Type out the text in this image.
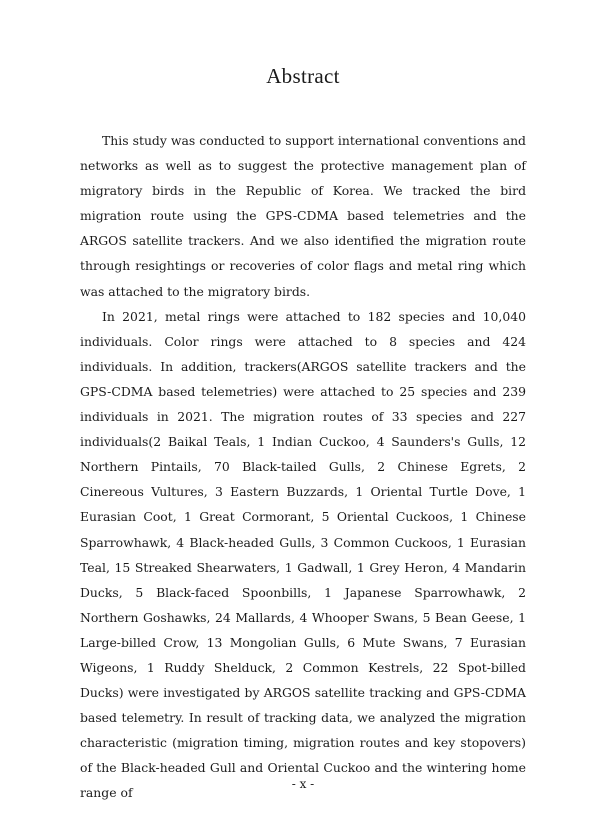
Abstract

This study was conducted to support international conventions and networks as well as to suggest the protective management plan of migratory birds in the Republic of Korea. We tracked the bird migration route using the GPS-CDMA based telemetries and the ARGOS satellite trackers. And we also identified the migration route through resightings or recoveries of color flags and metal ring which was attached to the migratory birds.

In 2021, metal rings were attached to 182 species and 10,040 individuals. Color rings were attached to 8 species and 424 individuals. In addition, trackers(ARGOS satellite trackers and the GPS-CDMA based telemetries) were attached to 25 species and 239 individuals in 2021. The migration routes of 33 species and 227 individuals(2 Baikal Teals, 1 Indian Cuckoo, 4 Saunders's Gulls, 12 Northern Pintails, 70 Black-tailed Gulls, 2 Chinese Egrets, 2 Cinereous Vultures, 3 Eastern Buzzards, 1 Oriental Turtle Dove, 1 Eurasian Coot, 1 Great Cormorant, 5 Oriental Cuckoos, 1 Chinese Sparrowhawk, 4 Black-headed Gulls, 3 Common Cuckoos, 1 Eurasian Teal, 15 Streaked Shearwaters, 1 Gadwall, 1 Grey Heron, 4 Mandarin Ducks, 5 Black-faced Spoonbills, 1 Japanese Sparrowhawk, 2 Northern Goshawks, 24 Mallards, 4 Whooper Swans, 5 Bean Geese, 1 Large-billed Crow, 13 Mongolian Gulls, 6 Mute Swans, 7 Eurasian Wigeons, 1 Ruddy Shelduck, 2 Common Kestrels, 22 Spot-billed Ducks) were investigated by ARGOS satellite tracking and GPS-CDMA based telemetry. In result of tracking data, we analyzed the migration characteristic (migration timing, migration routes and key stopovers) of the Black-headed Gull and Oriental Cuckoo and the wintering home range of

- x -
